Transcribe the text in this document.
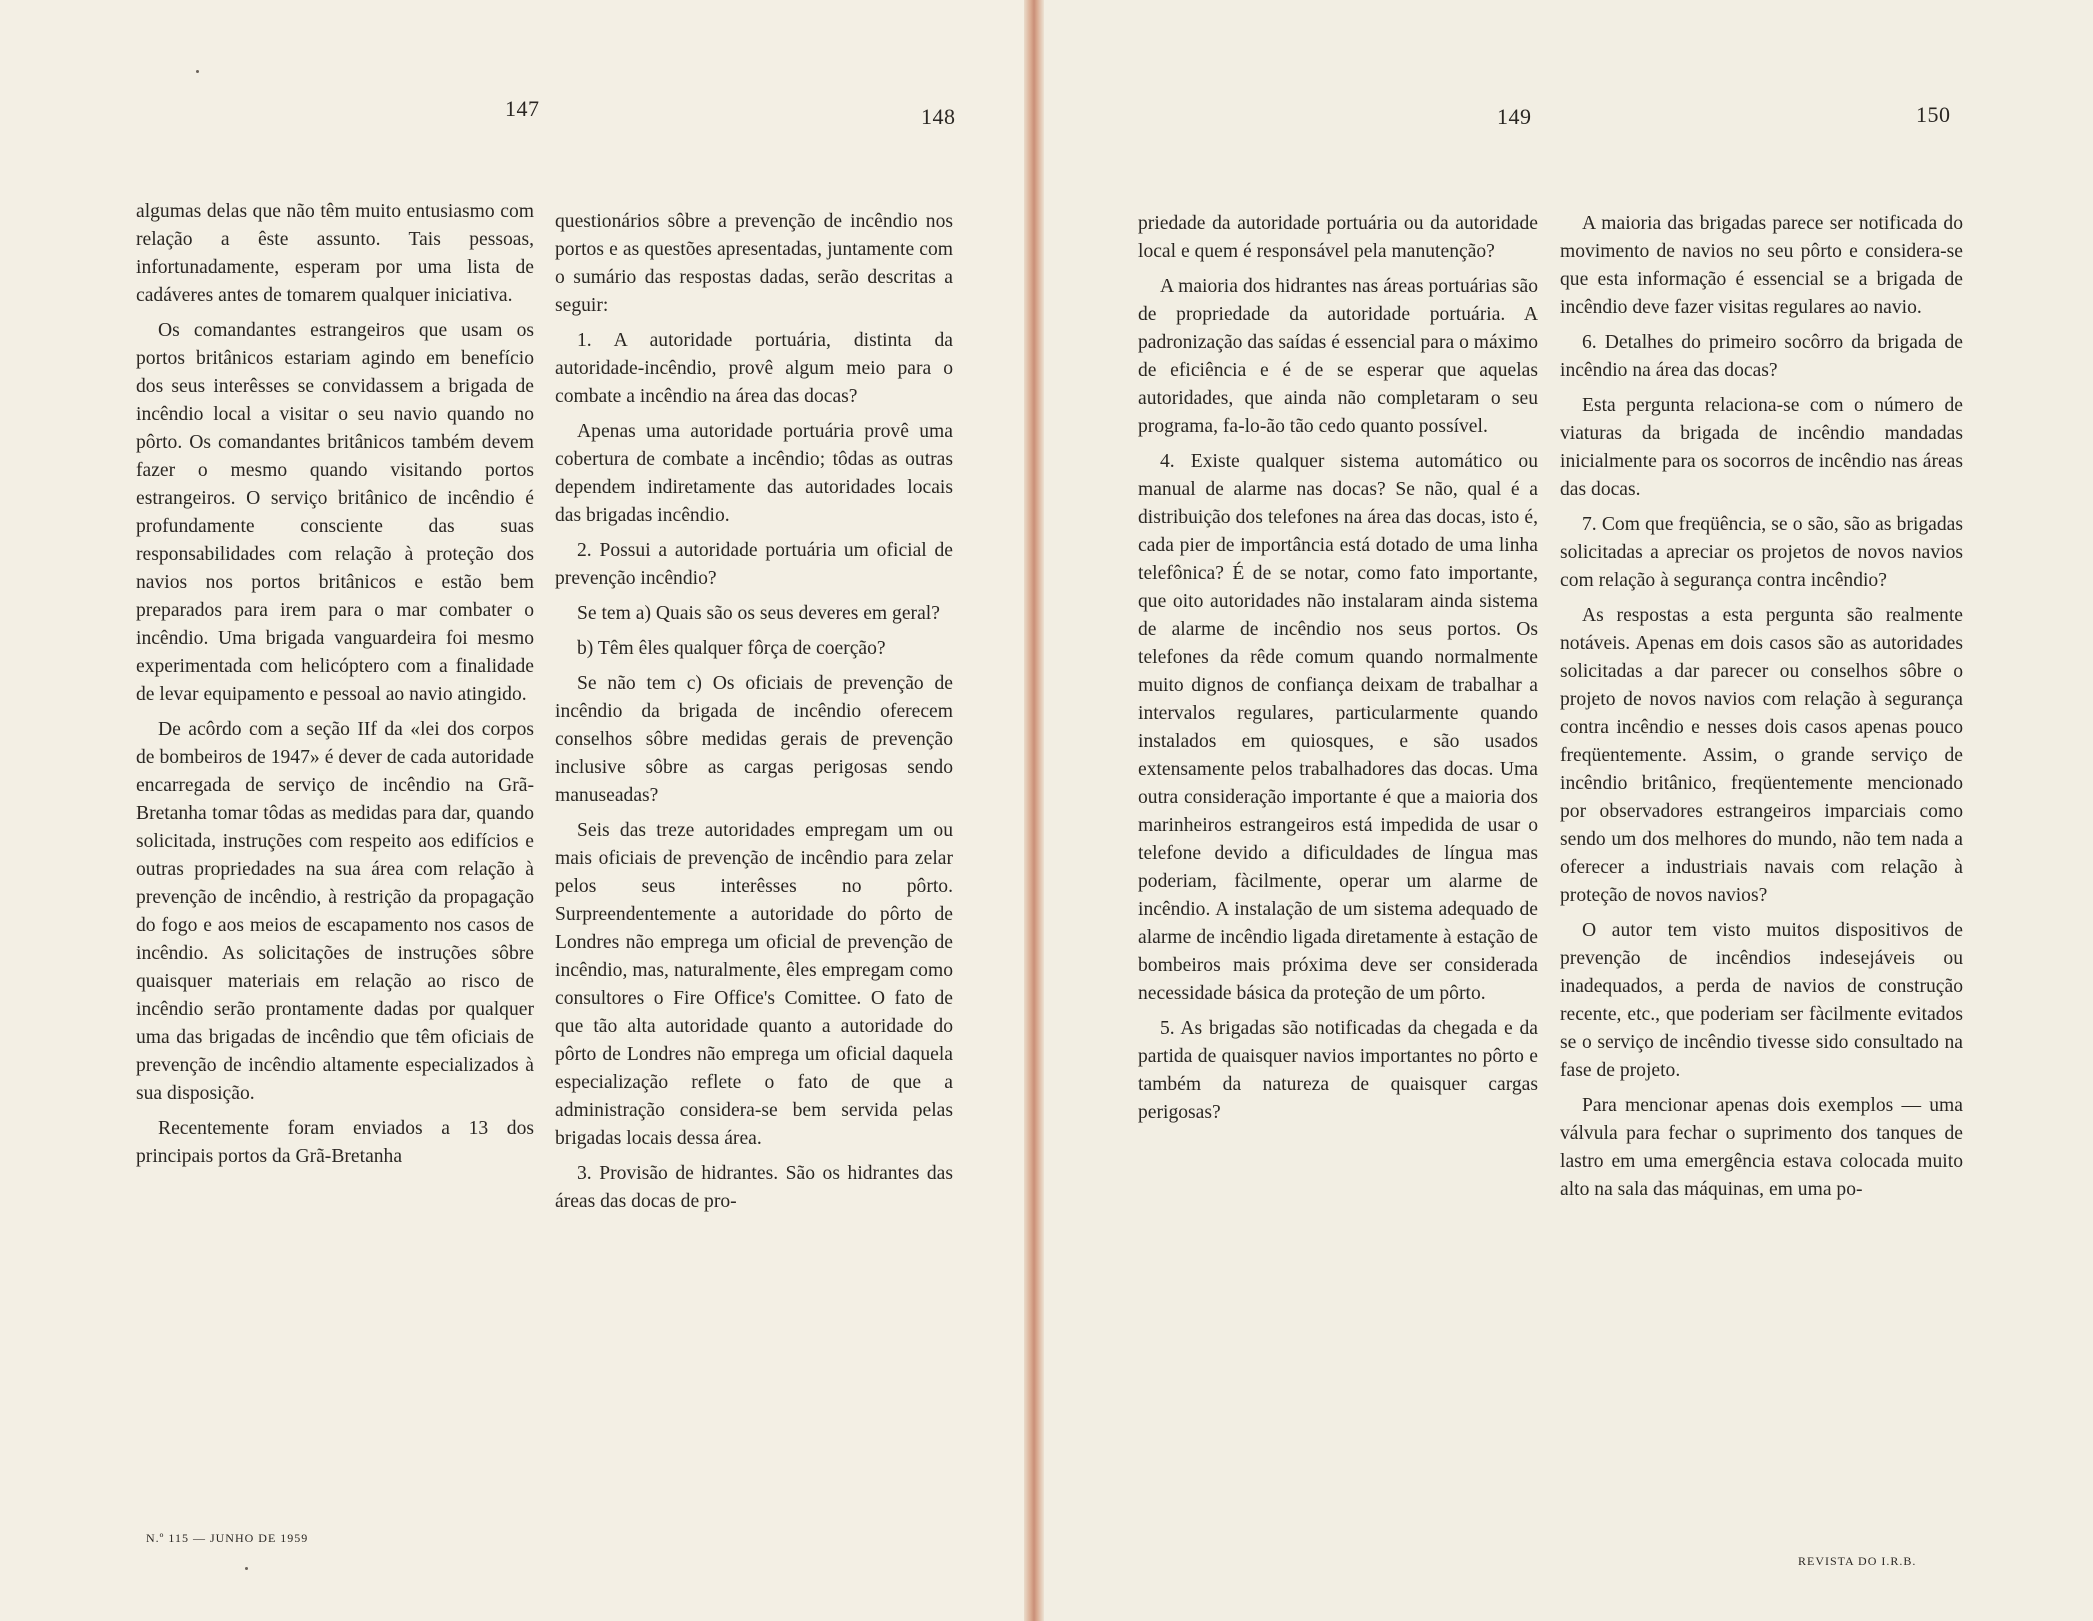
147	148	149	150

algumas delas que não têm muito entusiasmo com relação a êste assunto. Tais pessoas, infortunadamente, esperam por uma lista de cadáveres antes de tomarem qualquer iniciativa.

Os comandantes estrangeiros que usam os portos britânicos estariam agindo em benefício dos seus interêsses se convidassem a brigada de incêndio local a visitar o seu navio quando no pôrto. Os comandantes britânicos também devem fazer o mesmo quando visitando portos estrangeiros. O serviço britânico de incêndio é profundamente consciente das suas responsabilidades com relação à proteção dos navios nos portos britânicos e estão bem preparados para irem para o mar combater o incêndio. Uma brigada vanguardeira foi mesmo experimentada com helicóptero com a finalidade de levar equipamento e pessoal ao navio atingido.

De acôrdo com a seção IIf da «lei dos corpos de bombeiros de 1947» é dever de cada autoridade encarregada de serviço de incêndio na Grã-Bretanha tomar tôdas as medidas para dar, quando solicitada, instruções com respeito aos edifícios e outras propriedades na sua área com relação à prevenção de incêndio, à restrição da propagação do fogo e aos meios de escapamento nos casos de incêndio. As solicitações de instruções sôbre quaisquer materiais em relação ao risco de incêndio serão prontamente dadas por qualquer uma das brigadas de incêndio que têm oficiais de prevenção de incêndio altamente especializados à sua disposição.

Recentemente foram enviados a 13 dos principais portos da Grã-Bretanha

questionários sôbre a prevenção de incêndio nos portos e as questões apresentadas, juntamente com o sumário das respostas dadas, serão descritas a seguir:

1. A autoridade portuária, distinta da autoridade-incêndio, provê algum meio para o combate a incêndio na área das docas?

Apenas uma autoridade portuária provê uma cobertura de combate a incêndio; tôdas as outras dependem indiretamente das autoridades locais das brigadas incêndio.

2. Possui a autoridade portuária um oficial de prevenção incêndio?

Se tem a) Quais são os seus deveres em geral?

b) Têm êles qualquer fôrça de coerção?

Se não tem c) Os oficiais de prevenção de incêndio da brigada de incêndio oferecem conselhos sôbre medidas gerais de prevenção inclusive sôbre as cargas perigosas sendo manuseadas?

Seis das treze autoridades empregam um ou mais oficiais de prevenção de incêndio para zelar pelos seus interêsses no pôrto. Surpreendentemente a autoridade do pôrto de Londres não emprega um oficial de prevenção de incêndio, mas, naturalmente, êles empregam como consultores o Fire Office's Comittee. O fato de que tão alta autoridade quanto a autoridade do pôrto de Londres não emprega um oficial daquela especialização reflete o fato de que a administração considera-se bem servida pelas brigadas locais dessa área.

3. Provisão de hidrantes. São os hidrantes das áreas das docas de pro-

priedade da autoridade portuária ou da autoridade local e quem é responsável pela manutenção?

A maioria dos hidrantes nas áreas portuárias são de propriedade da autoridade portuária. A padronização das saídas é essencial para o máximo de eficiência e é de se esperar que aquelas autoridades, que ainda não completaram o seu programa, fa-lo-ão tão cedo quanto possível.

4. Existe qualquer sistema automático ou manual de alarme nas docas? Se não, qual é a distribuição dos telefones na área das docas, isto é, cada pier de importância está dotado de uma linha telefônica? É de se notar, como fato importante, que oito autoridades não instalaram ainda sistema de alarme de incêndio nos seus portos. Os telefones da rêde comum quando normalmente muito dignos de confiança deixam de trabalhar a intervalos regulares, particularmente quando instalados em quiosques, e são usados extensamente pelos trabalhadores das docas. Uma outra consideração importante é que a maioria dos marinheiros estrangeiros está impedida de usar o telefone devido a dificuldades de língua mas poderiam, fàcilmente, operar um alarme de incêndio. A instalação de um sistema adequado de alarme de incêndio ligada diretamente à estação de bombeiros mais próxima deve ser considerada necessidade básica da proteção de um pôrto.

5. As brigadas são notificadas da chegada e da partida de quaisquer navios importantes no pôrto e também da natureza de quaisquer cargas perigosas?

A maioria das brigadas parece ser notificada do movimento de navios no seu pôrto e considera-se que esta informação é essencial se a brigada de incêndio deve fazer visitas regulares ao navio.

6. Detalhes do primeiro socôrro da brigada de incêndio na área das docas?

Esta pergunta relaciona-se com o número de viaturas da brigada de incêndio mandadas inicialmente para os socorros de incêndio nas áreas das docas.

7. Com que freqüência, se o são, são as brigadas solicitadas a apreciar os projetos de novos navios com relação à segurança contra incêndio?

As respostas a esta pergunta são realmente notáveis. Apenas em dois casos são as autoridades solicitadas a dar parecer ou conselhos sôbre o projeto de novos navios com relação à segurança contra incêndio e nesses dois casos apenas pouco freqüentemente. Assim, o grande serviço de incêndio britânico, freqüentemente mencionado por observadores estrangeiros imparciais como sendo um dos melhores do mundo, não tem nada a oferecer a industriais navais com relação à proteção de novos navios?

O autor tem visto muitos dispositivos de prevenção de incêndios indesejáveis ou inadequados, a perda de navios de construção recente, etc., que poderiam ser fàcilmente evitados se o serviço de incêndio tivesse sido consultado na fase de projeto.

Para mencionar apenas dois exemplos — uma válvula para fechar o suprimento dos tanques de lastro em uma emergência estava colocada muito alto na sala das máquinas, em uma po-

N.º 115 — JUNHO DE 1959
REVISTA DO I.R.B.
